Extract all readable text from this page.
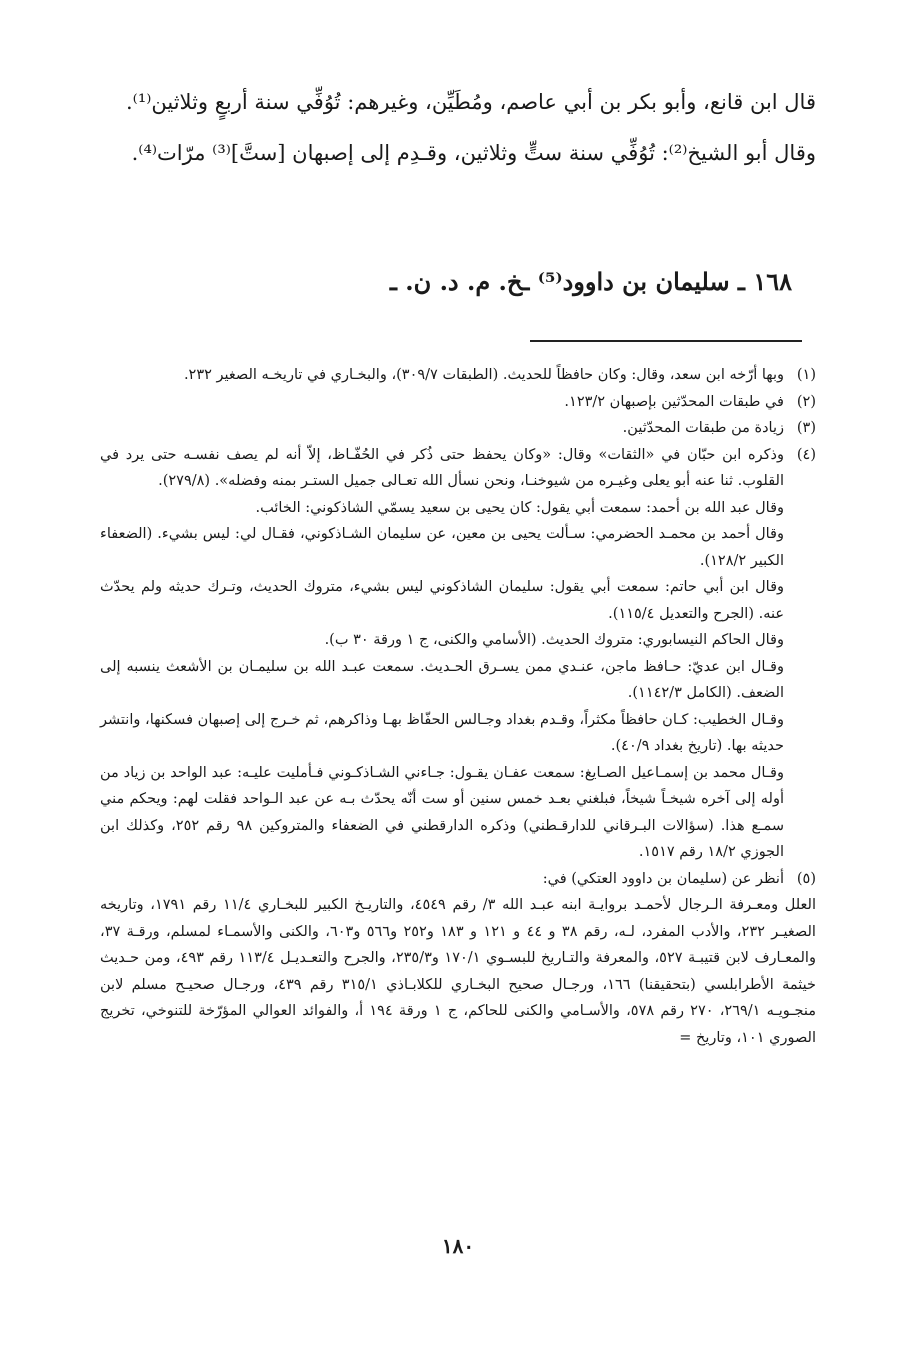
قال ابن قانع، وأبو بكر بن أبي عاصم، ومُطَيِّن، وغيرهم: تُوُفِّي سنة أربعٍ وثلاثين⁽¹⁾.

وقال أبو الشيخ⁽²⁾: تُوُفِّي سنة ستٍّ وثلاثين، وقـدِم إلى إصبهان [ستَّ]⁽³⁾ مرّات⁽⁴⁾.

١٦٨ ـ سليمان بن داوود⁽⁵⁾ ـخ. م. د. ن. ـ
(١)

وبها أرّخه ابن سعد، وقال: وكان حافظاً للحديث. (الطبقات ٣٠٩/٧)، والبخـاري في تاريخـه الصغير ٢٣٢.

(٢)

في طبقات المحدّثين بإصبهان ١٢٣/٢.

(٣)

زيادة من طبقات المحدّثين.

(٤)

وذكره ابن حبّان في «الثقات» وقال: «وكان يحفظ حتى ذُكر في الحُفّـاظ، إلاّ أنه لم يصف نفسـه حتى يرد في القلوب. ثنا عنه أبو يعلى وغيـره من شيوخنـا، ونحن نسأل الله تعـالى جميل الستـر بمنه وفضله». (٢٧٩/٨).

وقال عبد الله بن أحمد: سمعت أبي يقول: كان يحيى بن سعيد يسمّي الشاذكوني: الخائب.

وقال أحمد بن محمـد الحضرمي: سـألت يحيى بن معين، عن سليمان الشـاذكوني، فقـال لي: ليس بشيء. (الضعفاء الكبير ١٢٨/٢).

وقال ابن أبي حاتم: سمعت أبي يقول: سليمان الشاذكوني ليس بشيء، متروك الحديث، وتـرك حديثه ولم يحدّث عنه. (الجرح والتعديل ١١٥/٤).

وقال الحاكم النيسابوري: متروك الحديث. (الأسامي والكنى، ج ١ ورقة ٣٠ ب).

وقـال ابن عديّ: حـافظ ماجن، عنـدي ممن يسـرق الحـديث. سمعت عبـد الله بن سليمـان بن الأشعث ينسبه إلى الضعف. (الكامل ١١٤٢/٣).

وقـال الخطيب: كـان حافظاً مكثراً، وقـدم بغداد وجـالس الحفّاظ بهـا وذاكرهم، ثم خـرج إلى إصبهان فسكنها، وانتشر حديثه بها. (تاريخ بغداد ٤٠/٩).

وقـال محمد بن إسمـاعيل الصـايغ: سمعت عفـان يقـول: جـاءني الشـاذكـوني فـأمليت عليـه: عبد الواحد بن زياد من أوله إلى آخره شيخـاً شيخاً، فبلغني بعـد خمس سنين أو ست أنّه يحدّث بـه عن عبد الـواحد فقلت لهم: ويحكم مني سمـع هذا. (سؤالات البـرقاني للدارقـطني) وذكره الدارقطني في الضعفاء والمتروكين ٩٨ رقم ٢٥٢، وكذلك ابن الجوزي ١٨/٢ رقم ١٥١٧.

(٥)

أنظر عن (سليمان بن داوود العتكي) في:

العلل ومعـرفة الـرجال لأحمـد بروايـة ابنه عبـد الله ٣/ رقم ٤٥٤٩، والتاريـخ الكبير للبخـاري ١١/٤ رقم ١٧٩١، وتاريخه الصغيـر ٢٣٢، والأدب المفرد، لـه، رقم ٣٨ و ٤٤ و ١٢١ و ١٨٣ و٢٥٢ و٥٦٦ و٦٠٣، والكنى والأسمـاء لمسلم، ورقـة ٣٧، والمعـارف لابن قتيبـة ٥٢٧، والمعرفة والتـاريخ للبسـوي ١٧٠/١ و٢٣٥/٣، والجرح والتعـديـل ١١٣/٤ رقم ٤٩٣، ومن حـديث خيثمة الأطرابلسي (بتحقيقنا) ١٦٦، ورجـال صحيح البخـاري للكلابـاذي ٣١٥/١ رقم ٤٣٩، ورجـال صحيـح مسلم لابن منجـويـه ٢٦٩/١، ٢٧٠ رقم ٥٧٨، والأسـامي والكنى للحاكم، ج ١ ورقة ١٩٤ أ، والفوائد العوالي المؤرّخة للتنوخي، تخريج الصوري ١٠١، وتاريخ =

١٨٠
